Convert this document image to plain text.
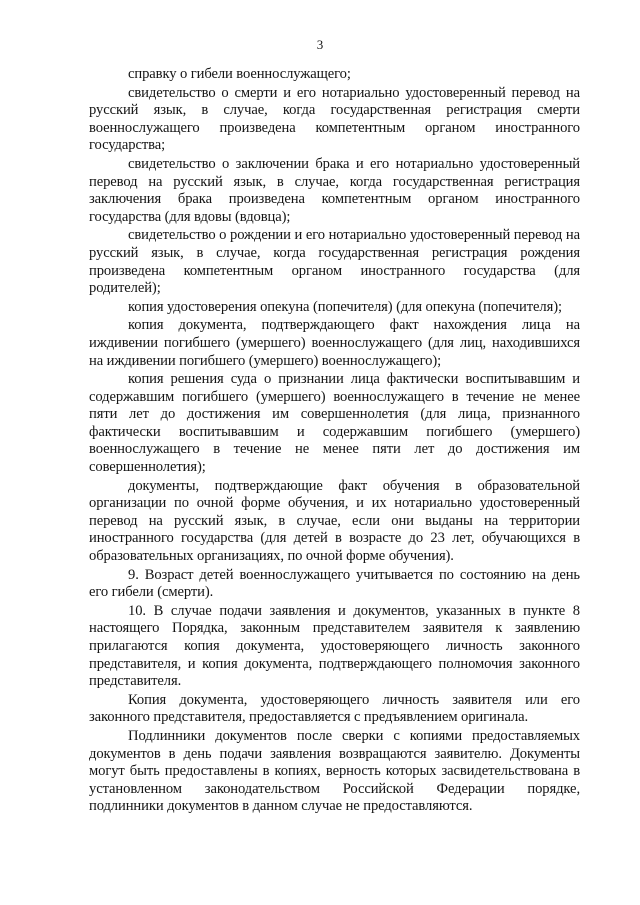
3

справку о гибели военнослужащего;

свидетельство о смерти и его нотариально удостоверенный перевод на русский язык, в случае, когда государственная регистрация смерти военнослужащего произведена компетентным органом иностранного государства;

свидетельство о заключении брака и его нотариально удостоверенный перевод на русский язык, в случае, когда государственная регистрация заключения брака произведена компетентным органом иностранного государства (для вдовы (вдовца);

свидетельство о рождении и его нотариально удостоверенный перевод на русский язык, в случае, когда государственная регистрация рождения произведена компетентным органом иностранного государства (для родителей);

копия удостоверения опекуна (попечителя) (для опекуна (попечителя);

копия документа, подтверждающего факт нахождения лица на иждивении погибшего (умершего) военнослужащего (для лиц, находившихся на иждивении погибшего (умершего) военнослужащего);

копия решения суда о признании лица фактически воспитывавшим и содержавшим погибшего (умершего) военнослужащего в течение не менее пяти лет до достижения им совершеннолетия (для лица, признанного фактически воспитывавшим и содержавшим погибшего (умершего) военнослужащего в течение не менее пяти лет до достижения им совершеннолетия);

документы, подтверждающие факт обучения в образовательной организации по очной форме обучения, и их нотариально удостоверенный перевод на русский язык, в случае, если они выданы на территории иностранного государства (для детей в возрасте до 23 лет, обучающихся в образовательных организациях, по очной форме обучения).

9. Возраст детей военнослужащего учитывается по состоянию на день его гибели (смерти).

10. В случае подачи заявления и документов, указанных в пункте 8 настоящего Порядка, законным представителем заявителя к заявлению прилагаются копия документа, удостоверяющего личность законного представителя, и копия документа, подтверждающего полномочия законного представителя.

Копия документа, удостоверяющего личность заявителя или его законного представителя, предоставляется с предъявлением оригинала.

Подлинники документов после сверки с копиями предоставляемых документов в день подачи заявления возвращаются заявителю. Документы могут быть предоставлены в копиях, верность которых засвидетельствована в установленном законодательством Российской Федерации порядке, подлинники документов в данном случае не предоставляются.
